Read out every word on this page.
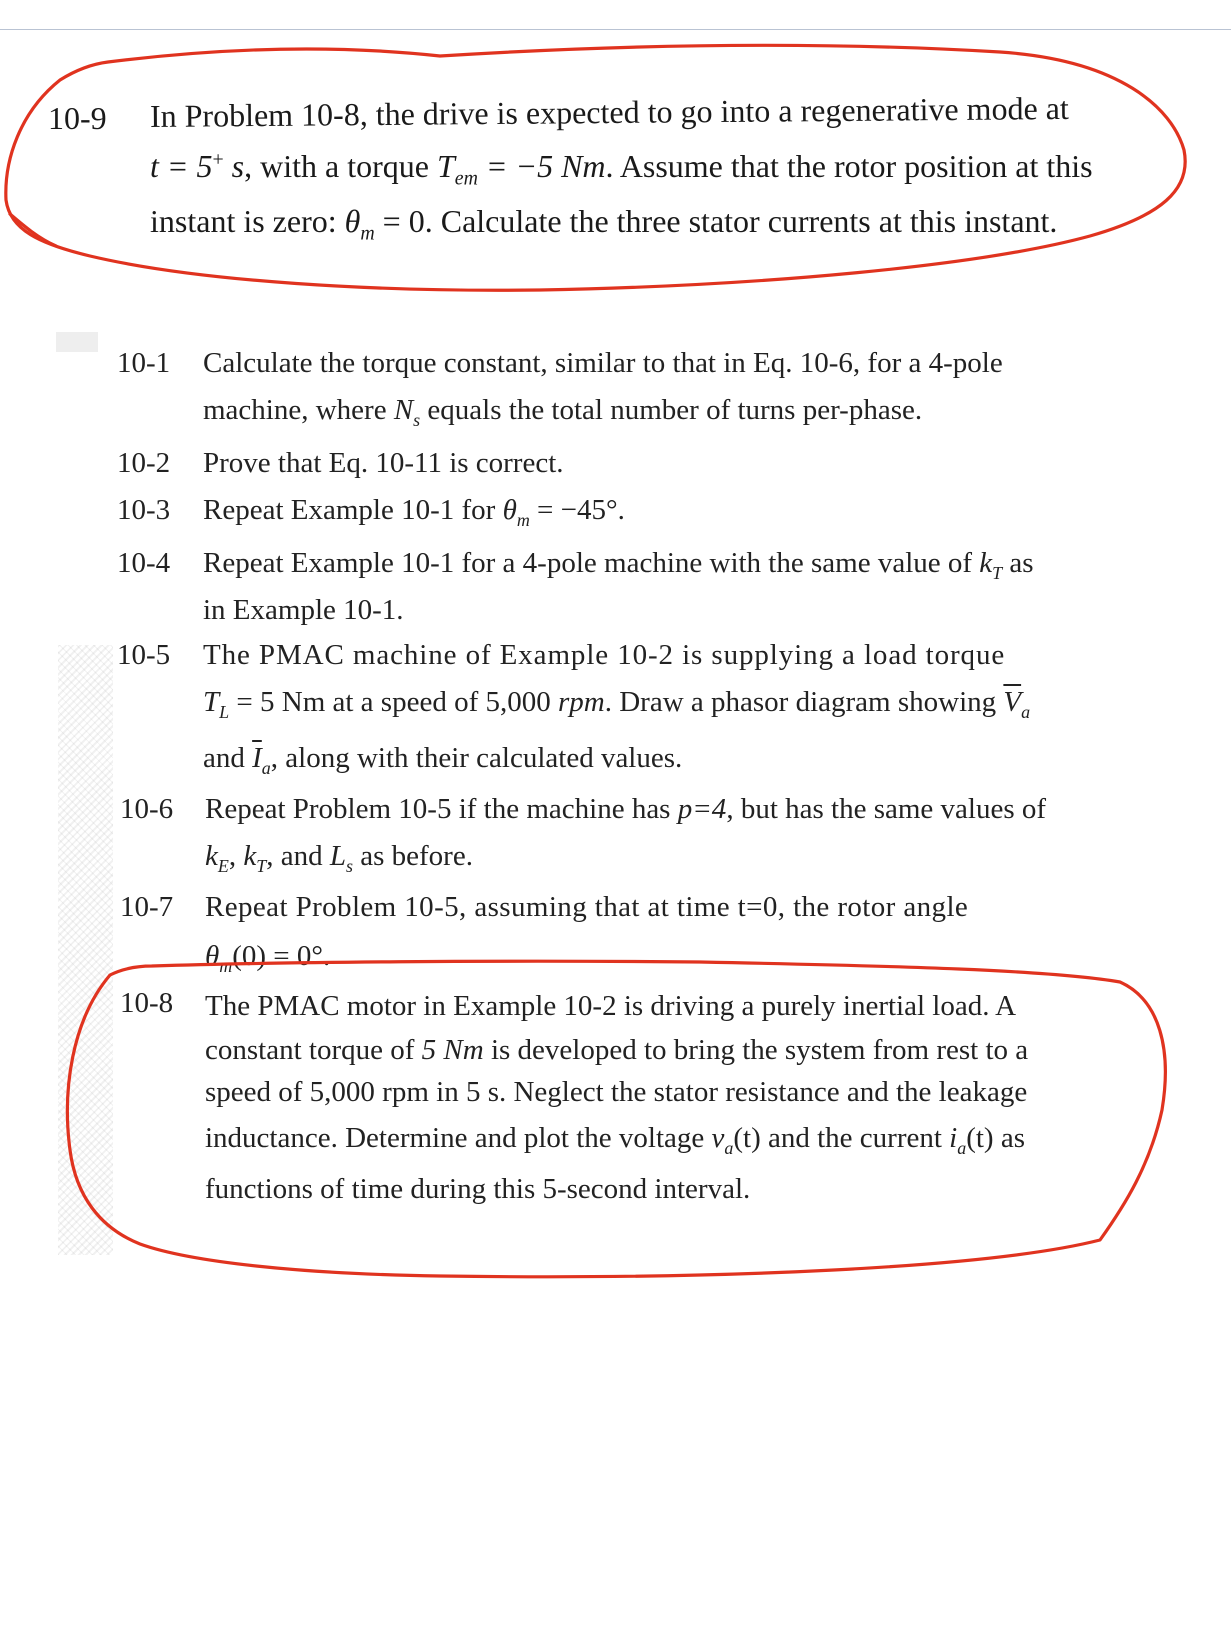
10-9 In Problem 10-8, the drive is expected to go into a regenerative mode at
t = 5+ s, with a torque $T_{em} = -5$ Nm. Assume that the rotor position at this
instant is zero: $\theta_m = 0$. Calculate the three stator currents at this instant.
10-1 Calculate the torque constant, similar to that in Eq. 10-6, for a 4-pole
machine, where $N_s$ equals the total number of turns per-phase.
10-2 Prove that Eq. 10-11 is correct.
10-3 Repeat Example 10-1 for $\theta_m = -45^\circ$.
10-4 Repeat Example 10-1 for a 4-pole machine with the same value of $k_T$ as
in Example 10-1.
10-5 The PMAC machine of Example 10-2 is supplying a load torque
$T_L = 5$ Nm at a speed of 5,000 rpm. Draw a phasor diagram showing $\overline{V}_a$
and $\overline{I}_a$, along with their calculated values.
10-6 Repeat Problem 10-5 if the machine has p=4, but has the same values of
$k_E$, $k_T$, and $L_s$ as before.
10-7 Repeat Problem 10-5, assuming that at time t=0, the rotor angle
$\theta_m(0) = 0^\circ$.
10-8 The PMAC motor in Example 10-2 is driving a purely inertial load. A
constant torque of 5 Nm is developed to bring the system from rest to a
speed of 5,000 rpm in 5 s. Neglect the stator resistance and the leakage
inductance. Determine and plot the voltage $v_a(t)$ and the current $i_a(t)$ as
functions of time during this 5-second interval.
